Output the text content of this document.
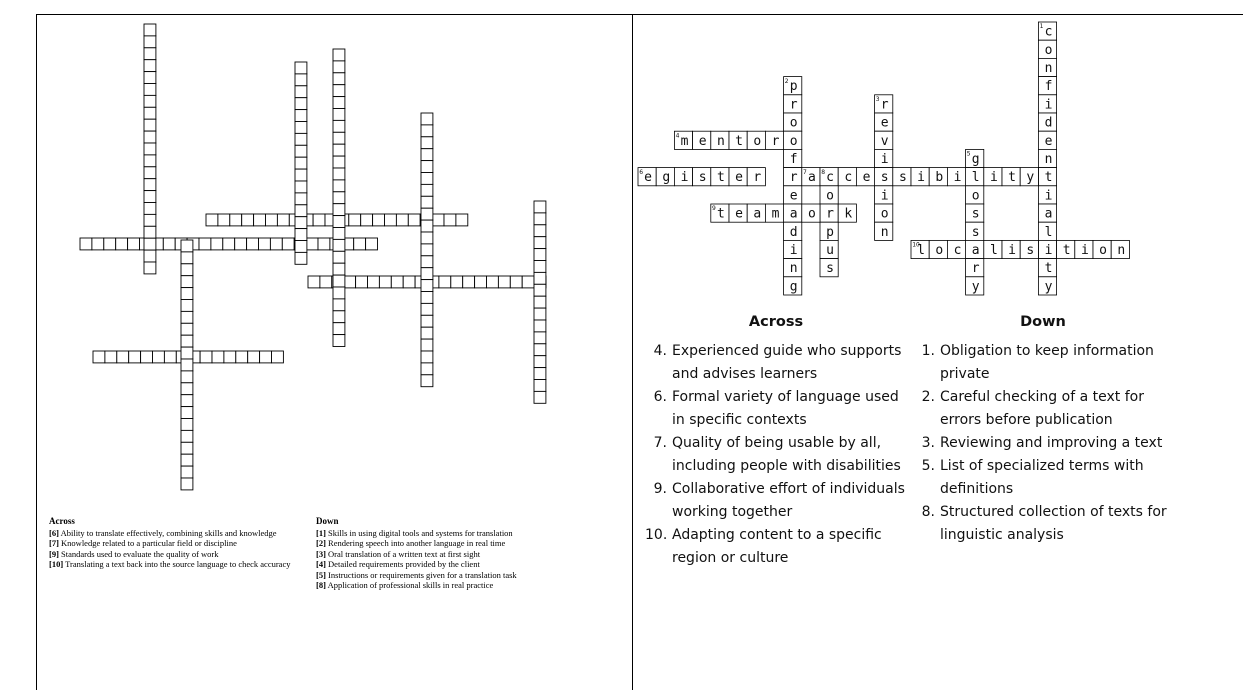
Across
[6] Ability to translate effectively, combining skills and knowledge
[7] Knowledge related to a particular field or discipline
[9] Standards used to evaluate the quality of work
[10] Translating a text back into the source language to check accuracy
Down
[1] Skills in using digital tools and systems for translation
[2] Rendering speech into another language in real time
[3] Oral translation of a written text at first sight
[4] Detailed requirements provided by the client
[5] Instructions or requirements given for a translation task
[8] Application of professional skills in real practice
c
1
o
n
f
i
d
e
n
t
i
a
l
i
t
y
p
2
r
o
o
f
r
e
a
d
i
n
g
r
3
e
v
i
s
i
o
n
m
4 e n t o r
g
5
l
o
s
s
a
r
y
e
6 g i s t e r	a
7 c
8 c e s i b i i t y
o
r
p
u
s
t
9 e a m o k
l
10 o c l i s t i o n
Across
4. Experienced guide who supports and advises learners
6. Formal variety of language used in specific contexts
7. Quality of being usable by all, including people with disabilities
9. Collaborative effort of individuals working together
10. Adapting content to a specific region or culture
Down
1. Obligation to keep information private
2. Careful checking of a text for errors before publication
3. Reviewing and improving a text
5. List of specialized terms with definitions
8. Structured collection of texts for linguistic analysis
